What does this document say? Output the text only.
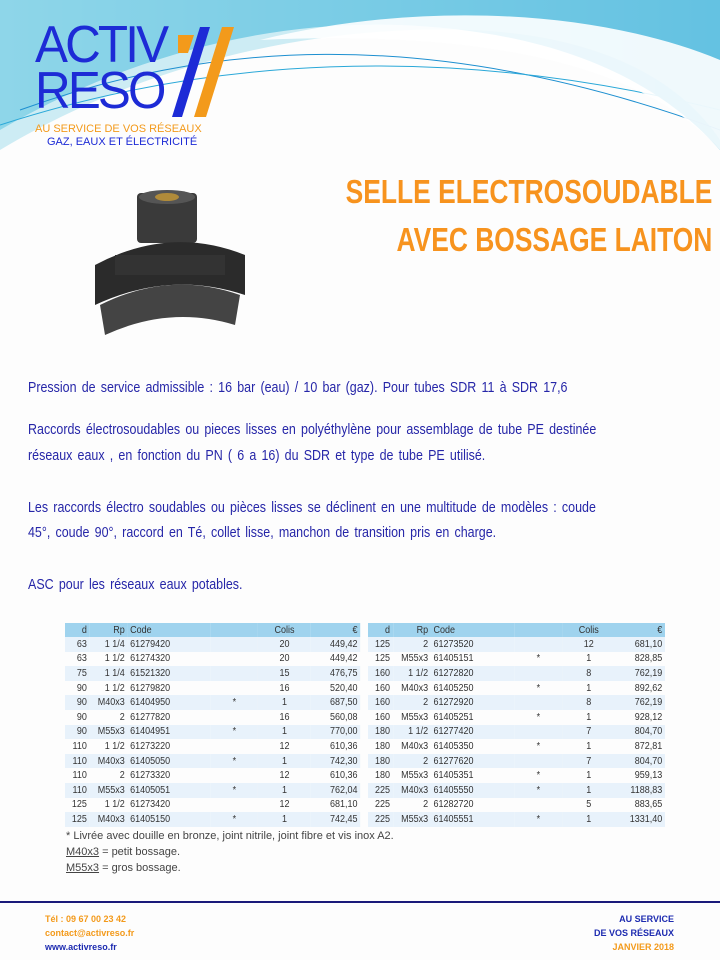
ACTIV
RESO
AU SERVICE DE VOS RÉSEAUX
GAZ, EAUX ET ÉLECTRICITÉ
SELLE ELECTROSOUDABLE
AVEC BOSSAGE LAITON
Pression de service admissible : 16 bar (eau) / 10 bar (gaz). Pour tubes SDR 11 à SDR 17,6
Raccords électrosoudables ou pieces lisses en polyéthylène pour assemblage de tube PE destinée
réseaux eaux , en fonction du PN ( 6 a 16) du SDR et type de tube PE utilisé.
Les raccords électro soudables ou pièces lisses se déclinent en une multitude de modèles : coude
45°, coude 90°, raccord en Té, collet lisse, manchon de transition pris en charge.
ASC pour les réseaux eaux potables.
d	Rp	Code		Colis	€
63	1 1/4	61279420		20	449,42
63	1 1/2	61274320		20	449,42
75	1 1/4	61521320		15	476,75
90	1 1/2	61279820		16	520,40
90	M40x3	61404950	*	1	687,50
90	2	61277820		16	560,08
90	M55x3	61404951	*	1	770,00
110	1 1/2	61273220		12	610,36
110	M40x3	61405050	*	1	742,30
110	2	61273320		12	610,36
110	M55x3	61405051	*	1	762,04
125	1 1/2	61273420		12	681,10
125	M40x3	61405150	*	1	742,45
d	Rp	Code		Colis	€
125	2	61273520		12	681,10
125	M55x3	61405151	*	1	828,85
160	1 1/2	61272820		8	762,19
160	M40x3	61405250	*	1	892,62
160	2	61272920		8	762,19
160	M55x3	61405251	*	1	928,12
180	1 1/2	61277420		7	804,70
180	M40x3	61405350	*	1	872,81
180	2	61277620		7	804,70
180	M55x3	61405351	*	1	959,13
225	M40x3	61405550	*	1	1188,83
225	2	61282720		5	883,65
225	M55x3	61405551	*	1	1331,40
* Livrée avec douille en bronze, joint nitrile, joint fibre et vis inox A2.
M40x3 = petit bossage.
M55x3 = gros bossage.
Tél : 09 67 00 23 42
contact@activreso.fr
www.activreso.fr
AU SERVICE
DE VOS RÉSEAUX
JANVIER 2018
